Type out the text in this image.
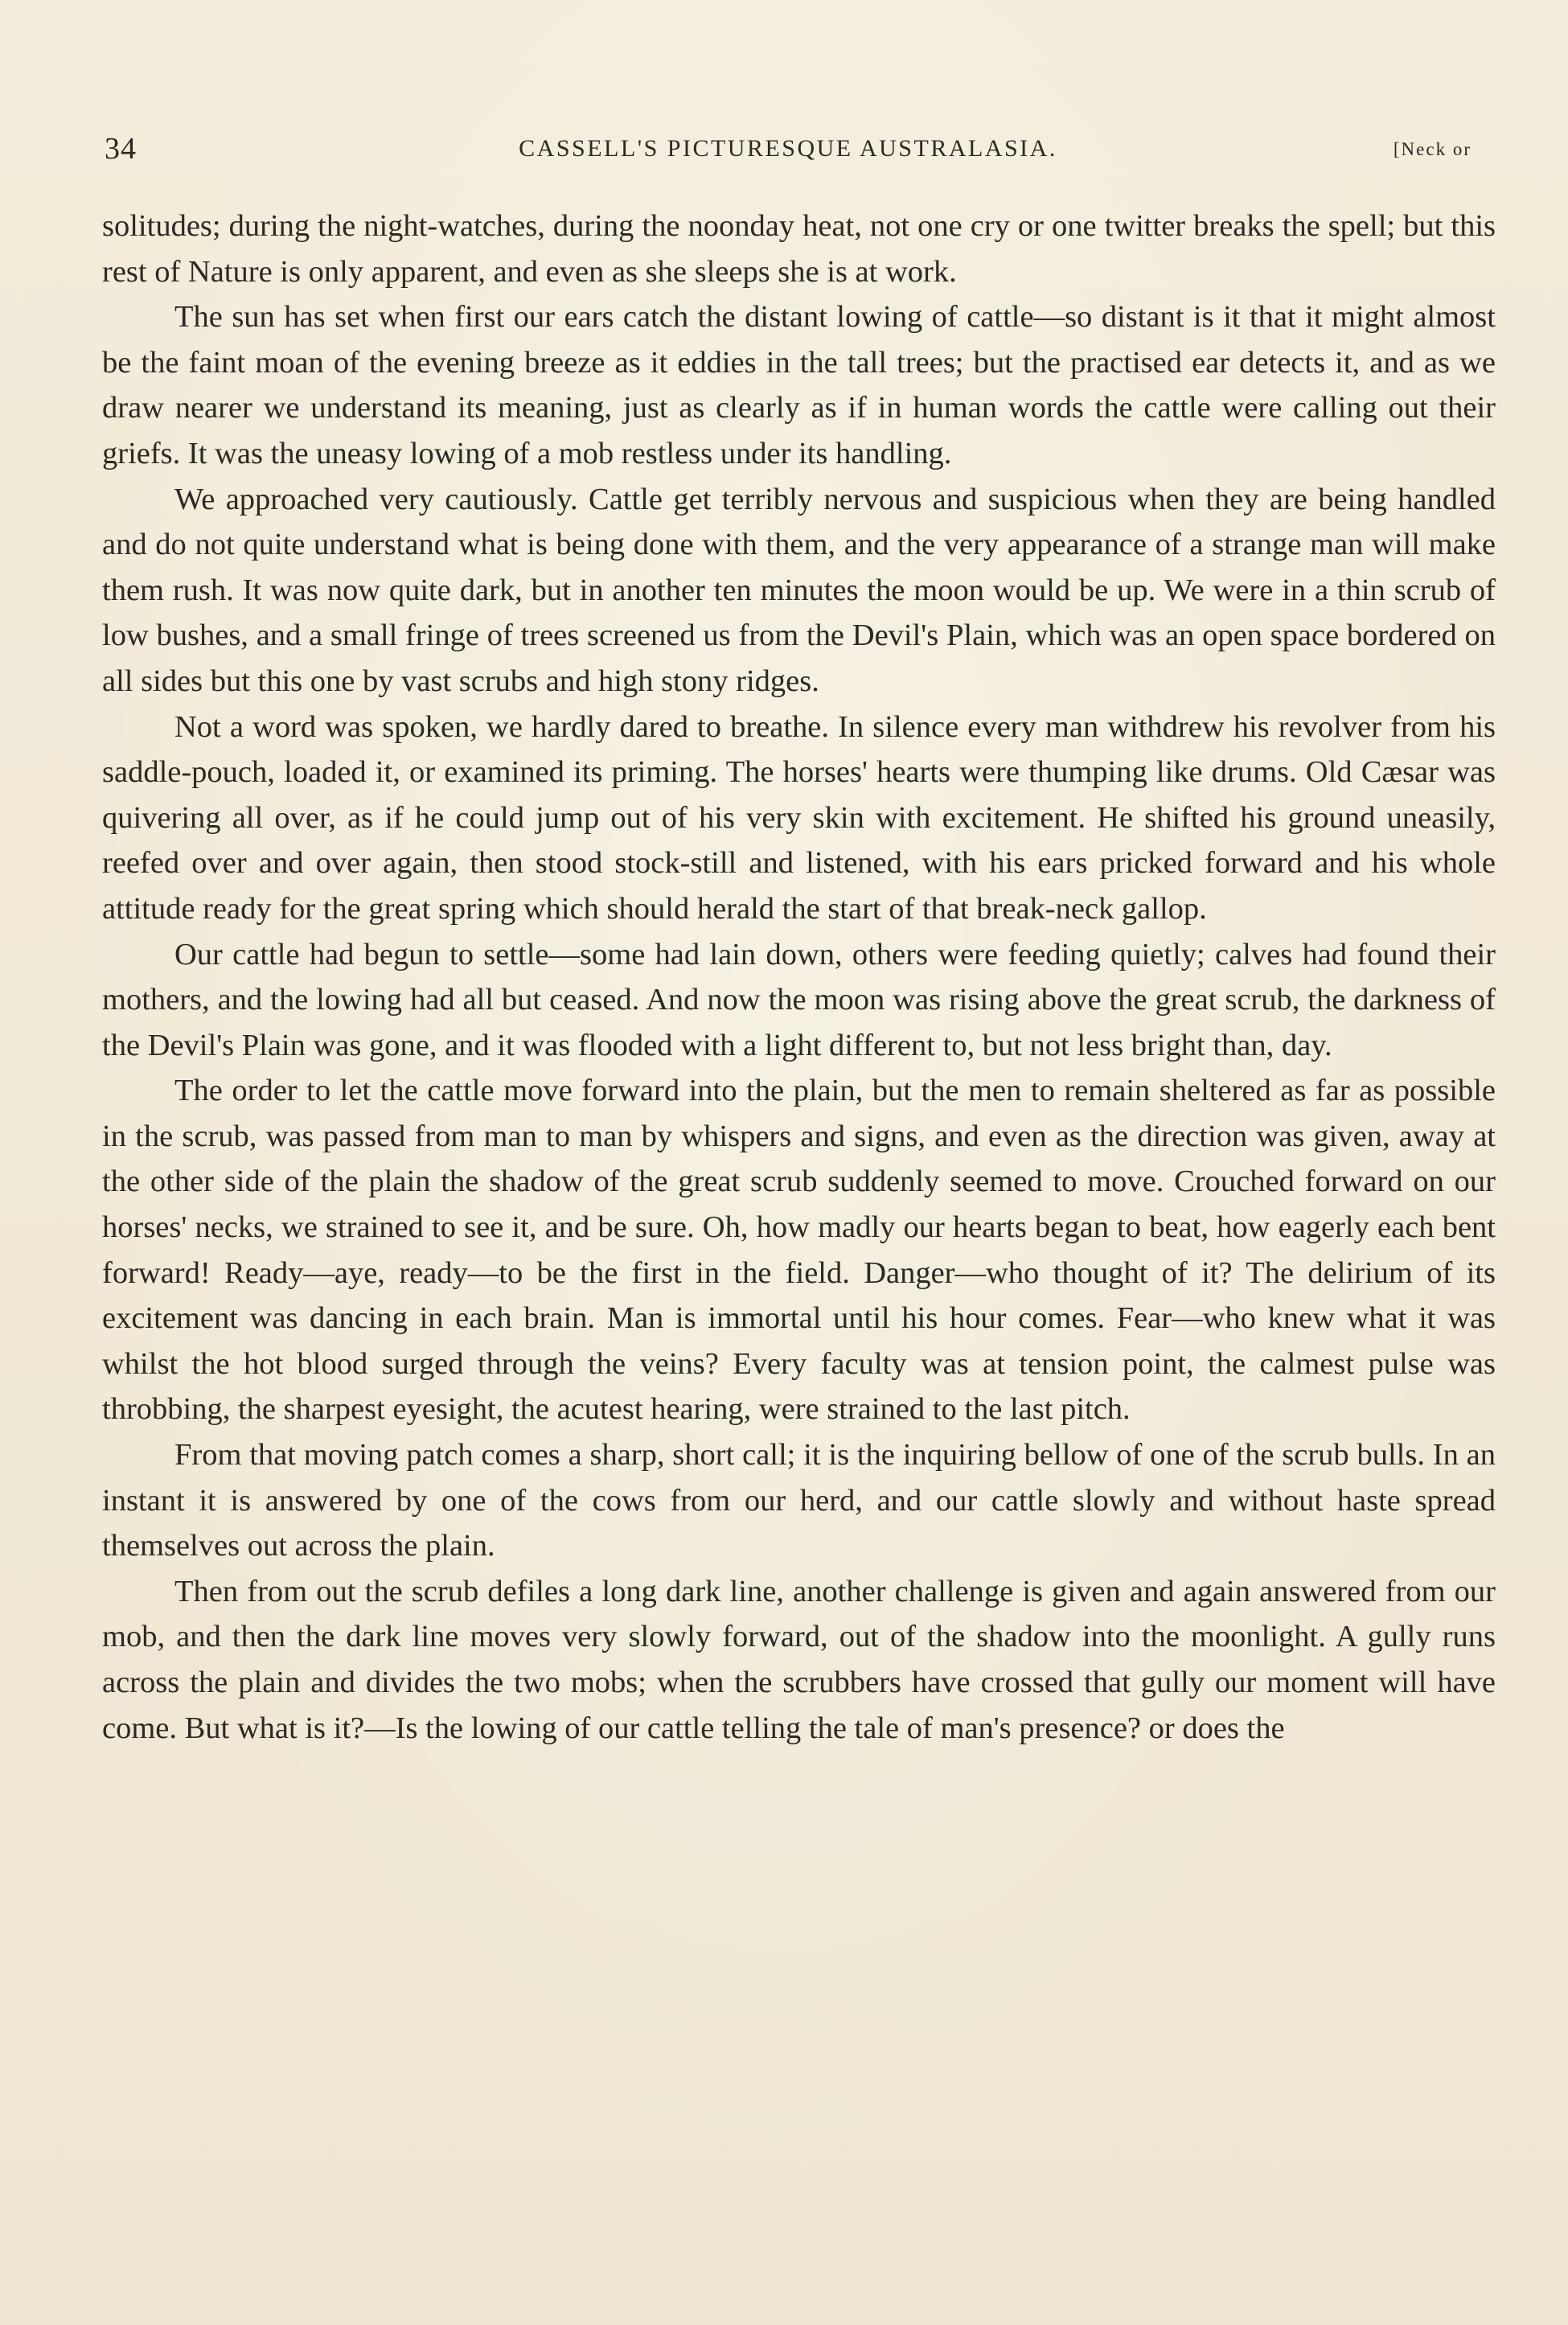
34	CASSELL'S PICTURESQUE AUSTRALASIA.	[Neck or

solitudes; during the night-watches, during the noonday heat, not one cry or one twitter breaks the spell; but this rest of Nature is only apparent, and even as she sleeps she is at work.

The sun has set when first our ears catch the distant lowing of cattle—so distant is it that it might almost be the faint moan of the evening breeze as it eddies in the tall trees; but the practised ear detects it, and as we draw nearer we understand its meaning, just as clearly as if in human words the cattle were calling out their griefs. It was the uneasy lowing of a mob restless under its handling.

We approached very cautiously. Cattle get terribly nervous and suspicious when they are being handled and do not quite understand what is being done with them, and the very appearance of a strange man will make them rush. It was now quite dark, but in another ten minutes the moon would be up. We were in a thin scrub of low bushes, and a small fringe of trees screened us from the Devil's Plain, which was an open space bordered on all sides but this one by vast scrubs and high stony ridges.

Not a word was spoken, we hardly dared to breathe. In silence every man withdrew his revolver from his saddle-pouch, loaded it, or examined its priming. The horses' hearts were thumping like drums. Old Cæsar was quivering all over, as if he could jump out of his very skin with excitement. He shifted his ground uneasily, reefed over and over again, then stood stock-still and listened, with his ears pricked forward and his whole attitude ready for the great spring which should herald the start of that break-neck gallop.

Our cattle had begun to settle—some had lain down, others were feeding quietly; calves had found their mothers, and the lowing had all but ceased. And now the moon was rising above the great scrub, the darkness of the Devil's Plain was gone, and it was flooded with a light different to, but not less bright than, day.

The order to let the cattle move forward into the plain, but the men to remain sheltered as far as possible in the scrub, was passed from man to man by whispers and signs, and even as the direction was given, away at the other side of the plain the shadow of the great scrub suddenly seemed to move. Crouched forward on our horses' necks, we strained to see it, and be sure. Oh, how madly our hearts began to beat, how eagerly each bent forward! Ready—aye, ready—to be the first in the field. Danger—who thought of it? The delirium of its excitement was dancing in each brain. Man is immortal until his hour comes. Fear—who knew what it was whilst the hot blood surged through the veins? Every faculty was at tension point, the calmest pulse was throbbing, the sharpest eyesight, the acutest hearing, were strained to the last pitch.

From that moving patch comes a sharp, short call; it is the inquiring bellow of one of the scrub bulls. In an instant it is answered by one of the cows from our herd, and our cattle slowly and without haste spread themselves out across the plain.

Then from out the scrub defiles a long dark line, another challenge is given and again answered from our mob, and then the dark line moves very slowly forward, out of the shadow into the moonlight. A gully runs across the plain and divides the two mobs; when the scrubbers have crossed that gully our moment will have come. But what is it?—Is the lowing of our cattle telling the tale of man's presence? or does the
